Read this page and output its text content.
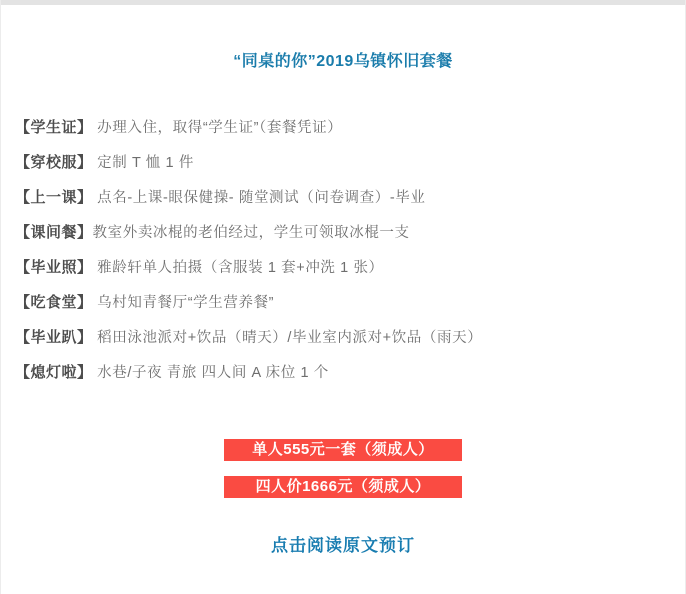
“同桌的你”2019乌镇怀旧套餐
【学生证】 办理入住，取得“学生证”（套餐凭证）
【穿校服】 定制 T 恤 1 件
【上一课】 点名-上课-眼保健操- 随堂测试（问卷调查）-毕业
【课间餐】 教室外卖冰棍的老伯经过，学生可领取冰棍一支
【毕业照】 雅龄轩单人拍摄（含服装 1 套+冲洗 1 张）
【吃食堂】 乌村知青餐厅“学生营养餐”
【毕业趴】 稻田泳池派对+饮品（晴天）/毕业室内派对+饮品（雨天）
【熄灯啦】 水巷/子夜 青旅 四人间 A 床位 1 个
单人555元一套（须成人）
四人价1666元（须成人）
点击阅读原文预订
